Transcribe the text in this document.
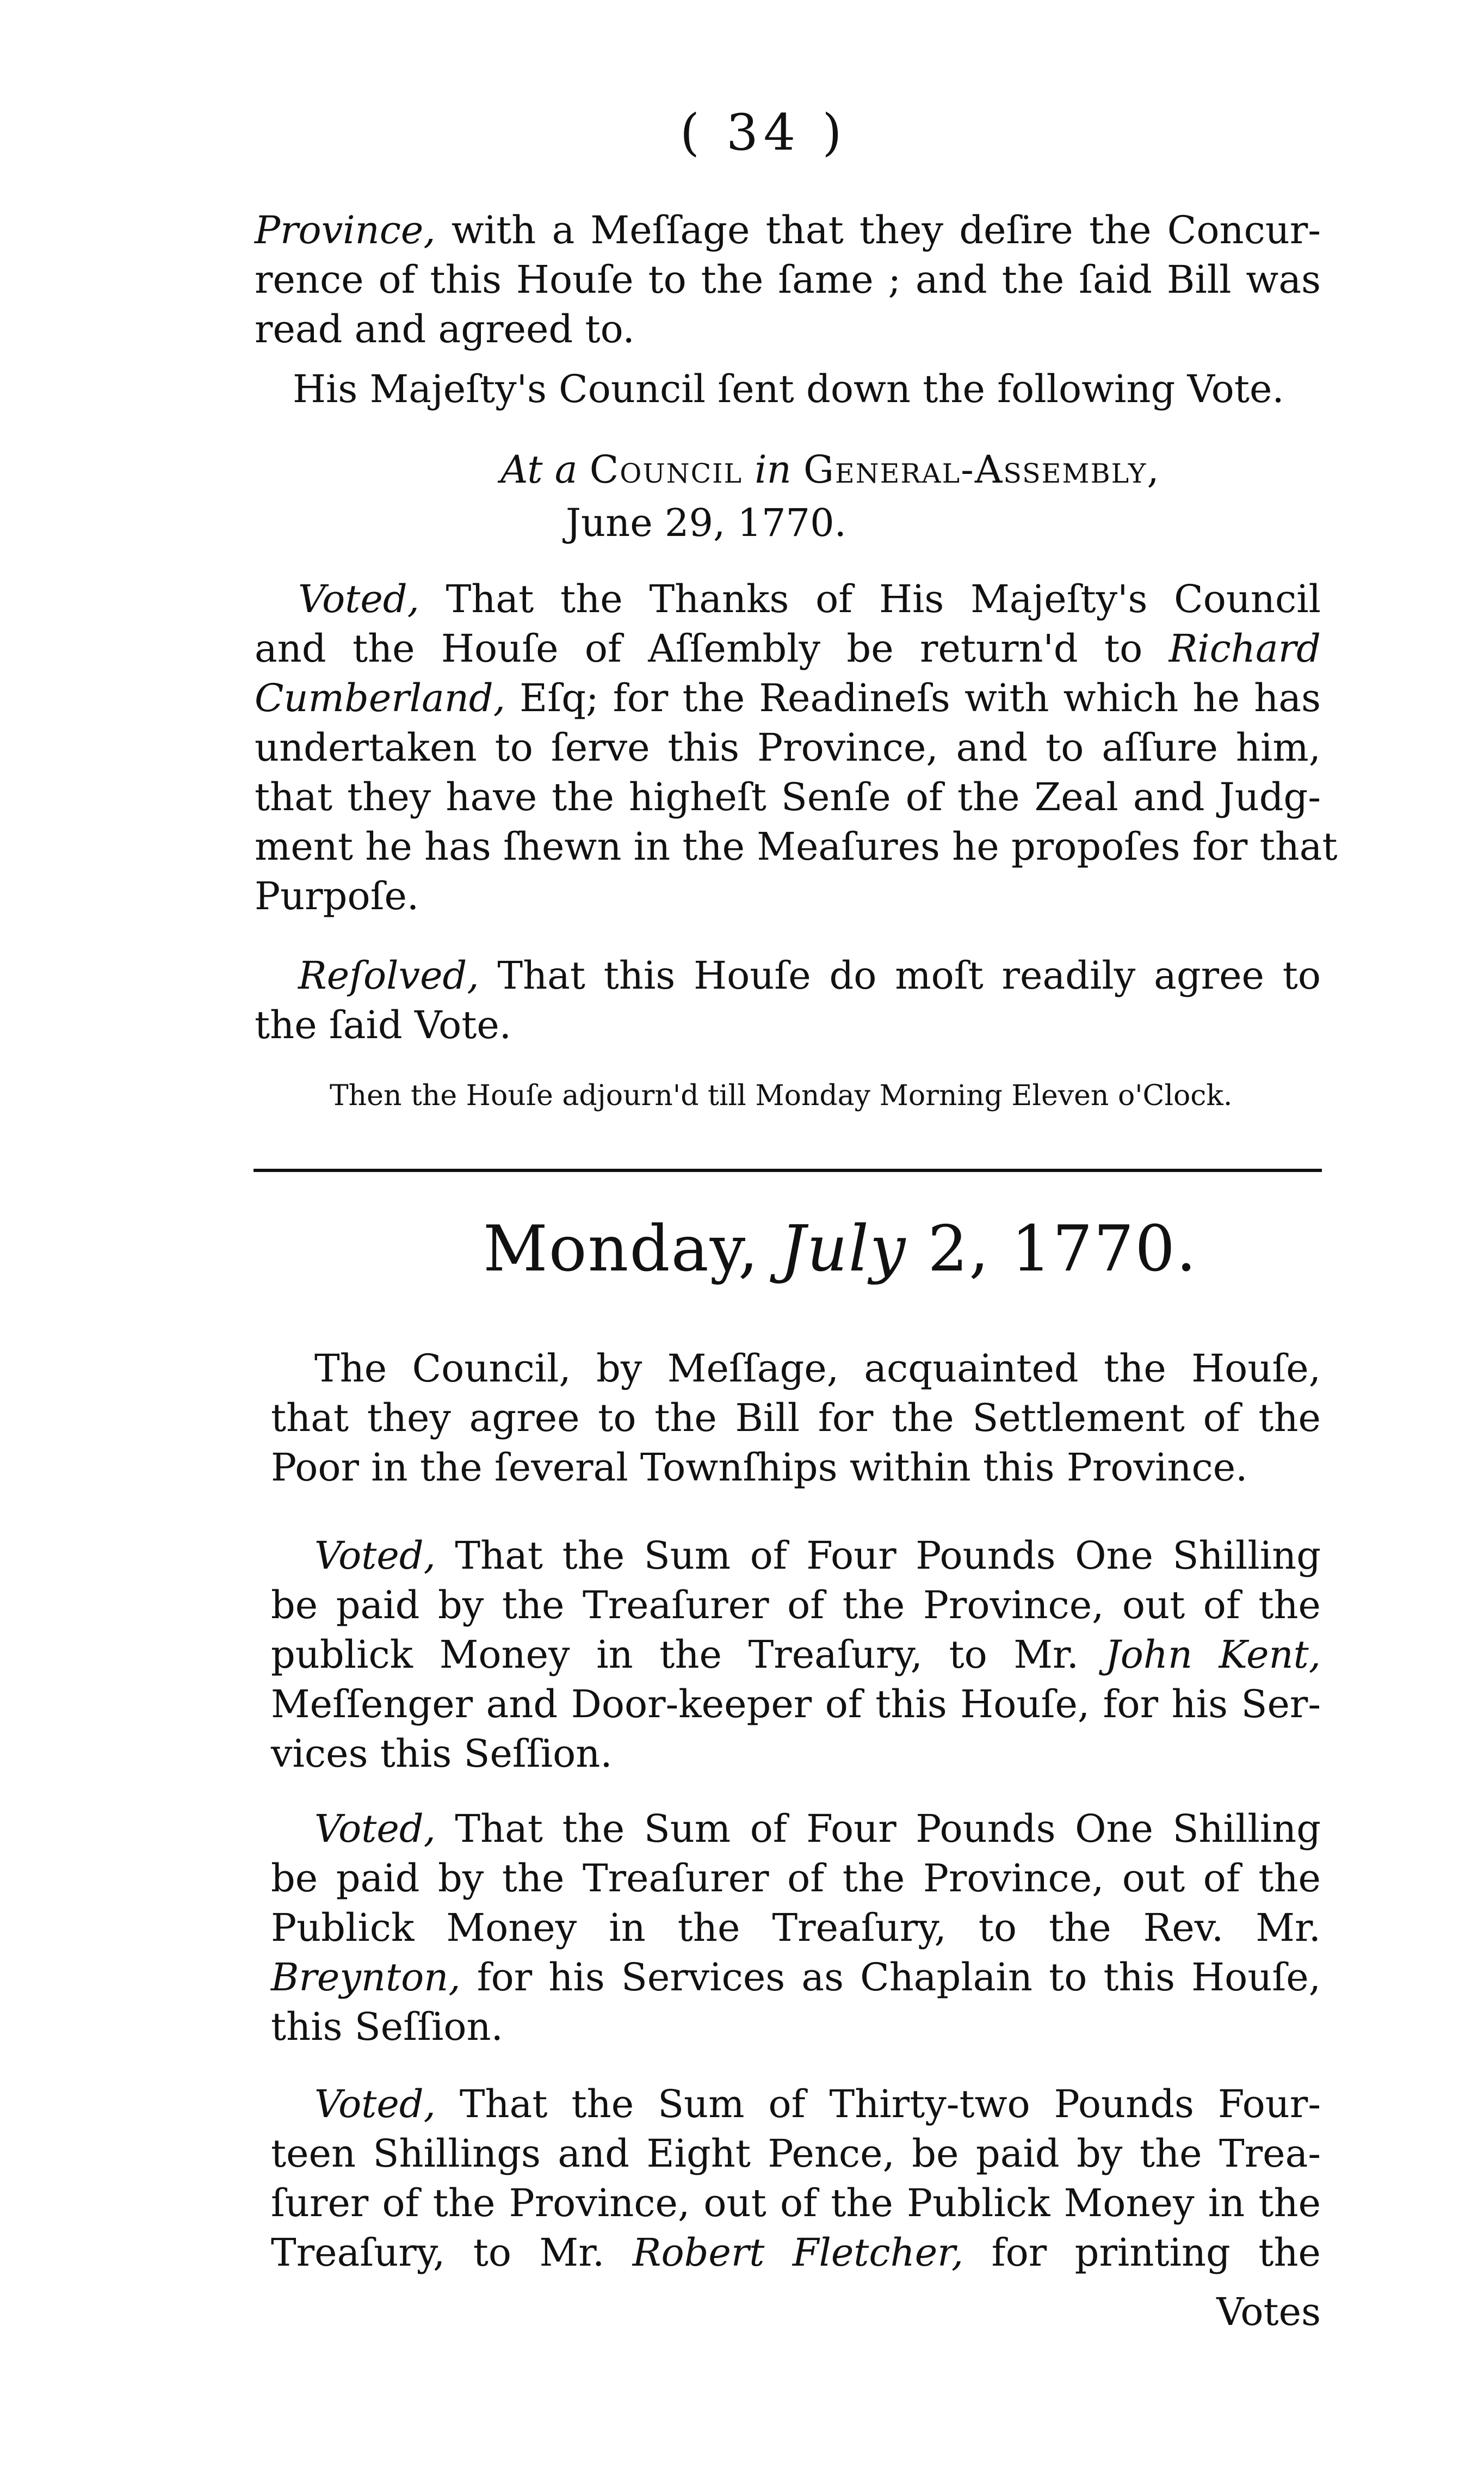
( 34 )
Province, with a Meſſage that they deſire the Concur-
rence of this Houſe to the ſame ; and the ſaid Bill was
read and agreed to.
His Majeſty's Council ſent down the following Vote.
At a Council in General-Assembly,
June 29, 1770.
Voted, That the Thanks of His Majeſty's Council
and the Houſe of Aſſembly be return'd to Richard
Cumberland, Eſq; for the Readineſs with which he has
undertaken to ſerve this Province, and to aſſure him,
that they have the higheſt Senſe of the Zeal and Judg-
ment he has ſhewn in the Meaſures he propoſes for that
Purpoſe.
Reſolved, That this Houſe do moſt readily agree to
the ſaid Vote.
Then the Houſe adjourn'd till Monday Morning Eleven o'Clock.
Monday, July 2, 1770.
The Council, by Meſſage, acquainted the Houſe,
that they agree to the Bill for the Settlement of the
Poor in the ſeveral Townſhips within this Province.
Voted, That the Sum of Four Pounds One Shilling
be paid by the Treaſurer of the Province, out of the
publick Money in the Treaſury, to Mr. John Kent,
Meſſenger and Door-keeper of this Houſe, for his Ser-
vices this Seſſion.
Voted, That the Sum of Four Pounds One Shilling
be paid by the Treaſurer of the Province, out of the
Publick Money in the Treaſury, to the Rev. Mr.
Breynton, for his Services as Chaplain to this Houſe,
this Seſſion.
Voted, That the Sum of Thirty-two Pounds Four-
teen Shillings and Eight Pence, be paid by the Trea-
ſurer of the Province, out of the Publick Money in the
Treaſury, to Mr. Robert Fletcher, for printing the
Votes
